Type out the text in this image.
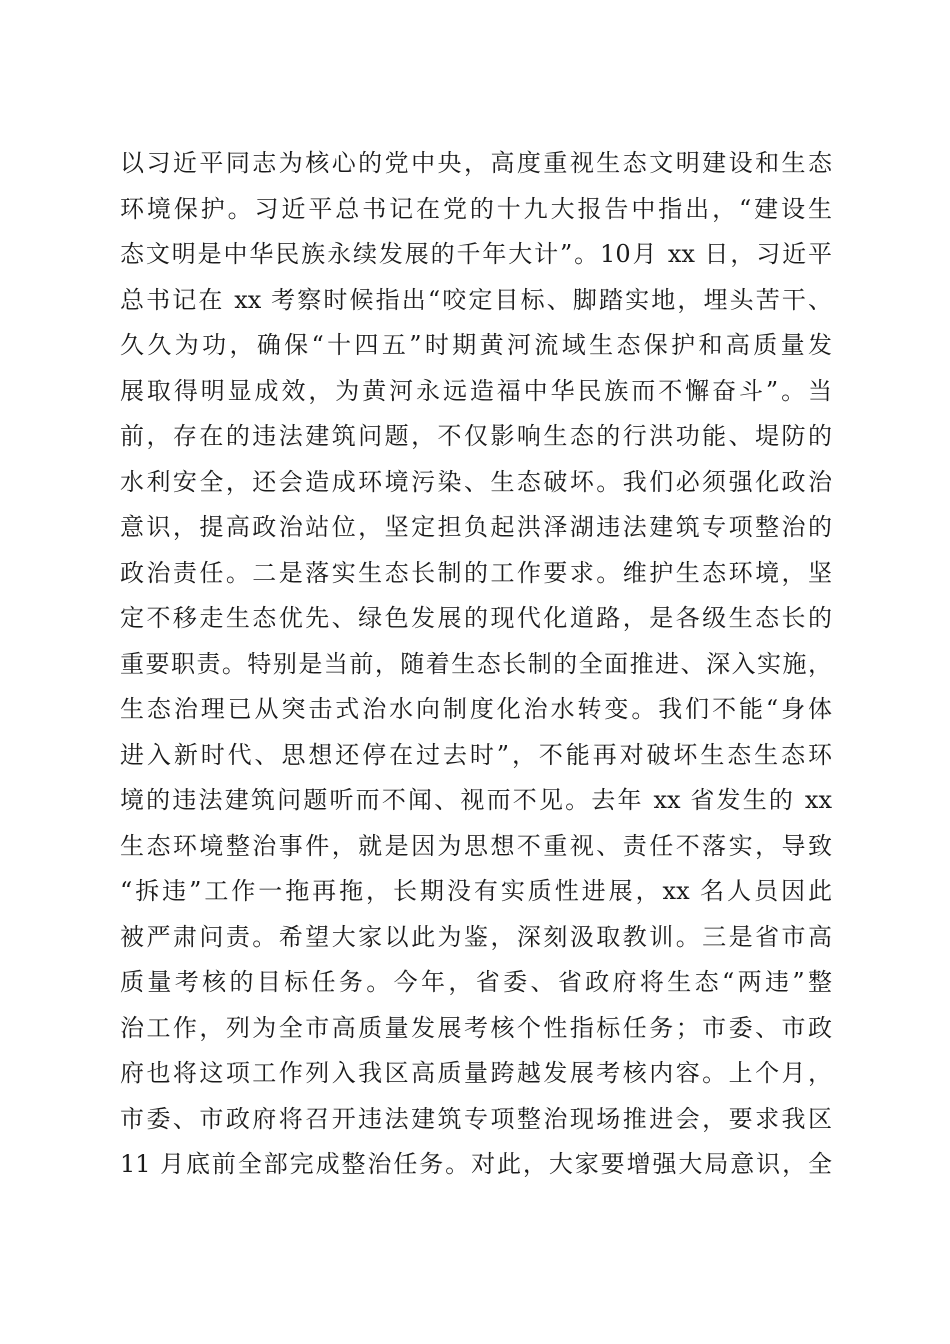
以习近平同志为核心的党中央，高度重视生态文明建设和生态
环境保护。习近平总书记在党的十九大报告中指出，“建设生
态文明是中华民族永续发展的千年大计”。10月 xx 日，习近平
总书记在 xx 考察时候指出“咬定目标、脚踏实地，埋头苦干、
久久为功，确保“十四五”时期黄河流域生态保护和高质量发
展取得明显成效，为黄河永远造福中华民族而不懈奋斗”。当
前，存在的违法建筑问题，不仅影响生态的行洪功能、堤防的
水利安全，还会造成环境污染、生态破坏。我们必须强化政治
意识，提高政治站位，坚定担负起洪泽湖违法建筑专项整治的
政治责任。二是落实生态长制的工作要求。维护生态环境，坚
定不移走生态优先、绿色发展的现代化道路，是各级生态长的
重要职责。特别是当前，随着生态长制的全面推进、深入实施，
生态治理已从突击式治水向制度化治水转变。我们不能“身体
进入新时代、思想还停在过去时”，不能再对破坏生态生态环
境的违法建筑问题听而不闻、视而不见。去年 xx 省发生的 xx
生态环境整治事件，就是因为思想不重视、责任不落实，导致
“拆违”工作一拖再拖，长期没有实质性进展，xx 名人员因此
被严肃问责。希望大家以此为鉴，深刻汲取教训。三是省市高
质量考核的目标任务。今年，省委、省政府将生态“两违”整
治工作，列为全市高质量发展考核个性指标任务；市委、市政
府也将这项工作列入我区高质量跨越发展考核内容。上个月，
市委、市政府将召开违法建筑专项整治现场推进会，要求我区
11 月底前全部完成整治任务。对此，大家要增强大局意识，全
